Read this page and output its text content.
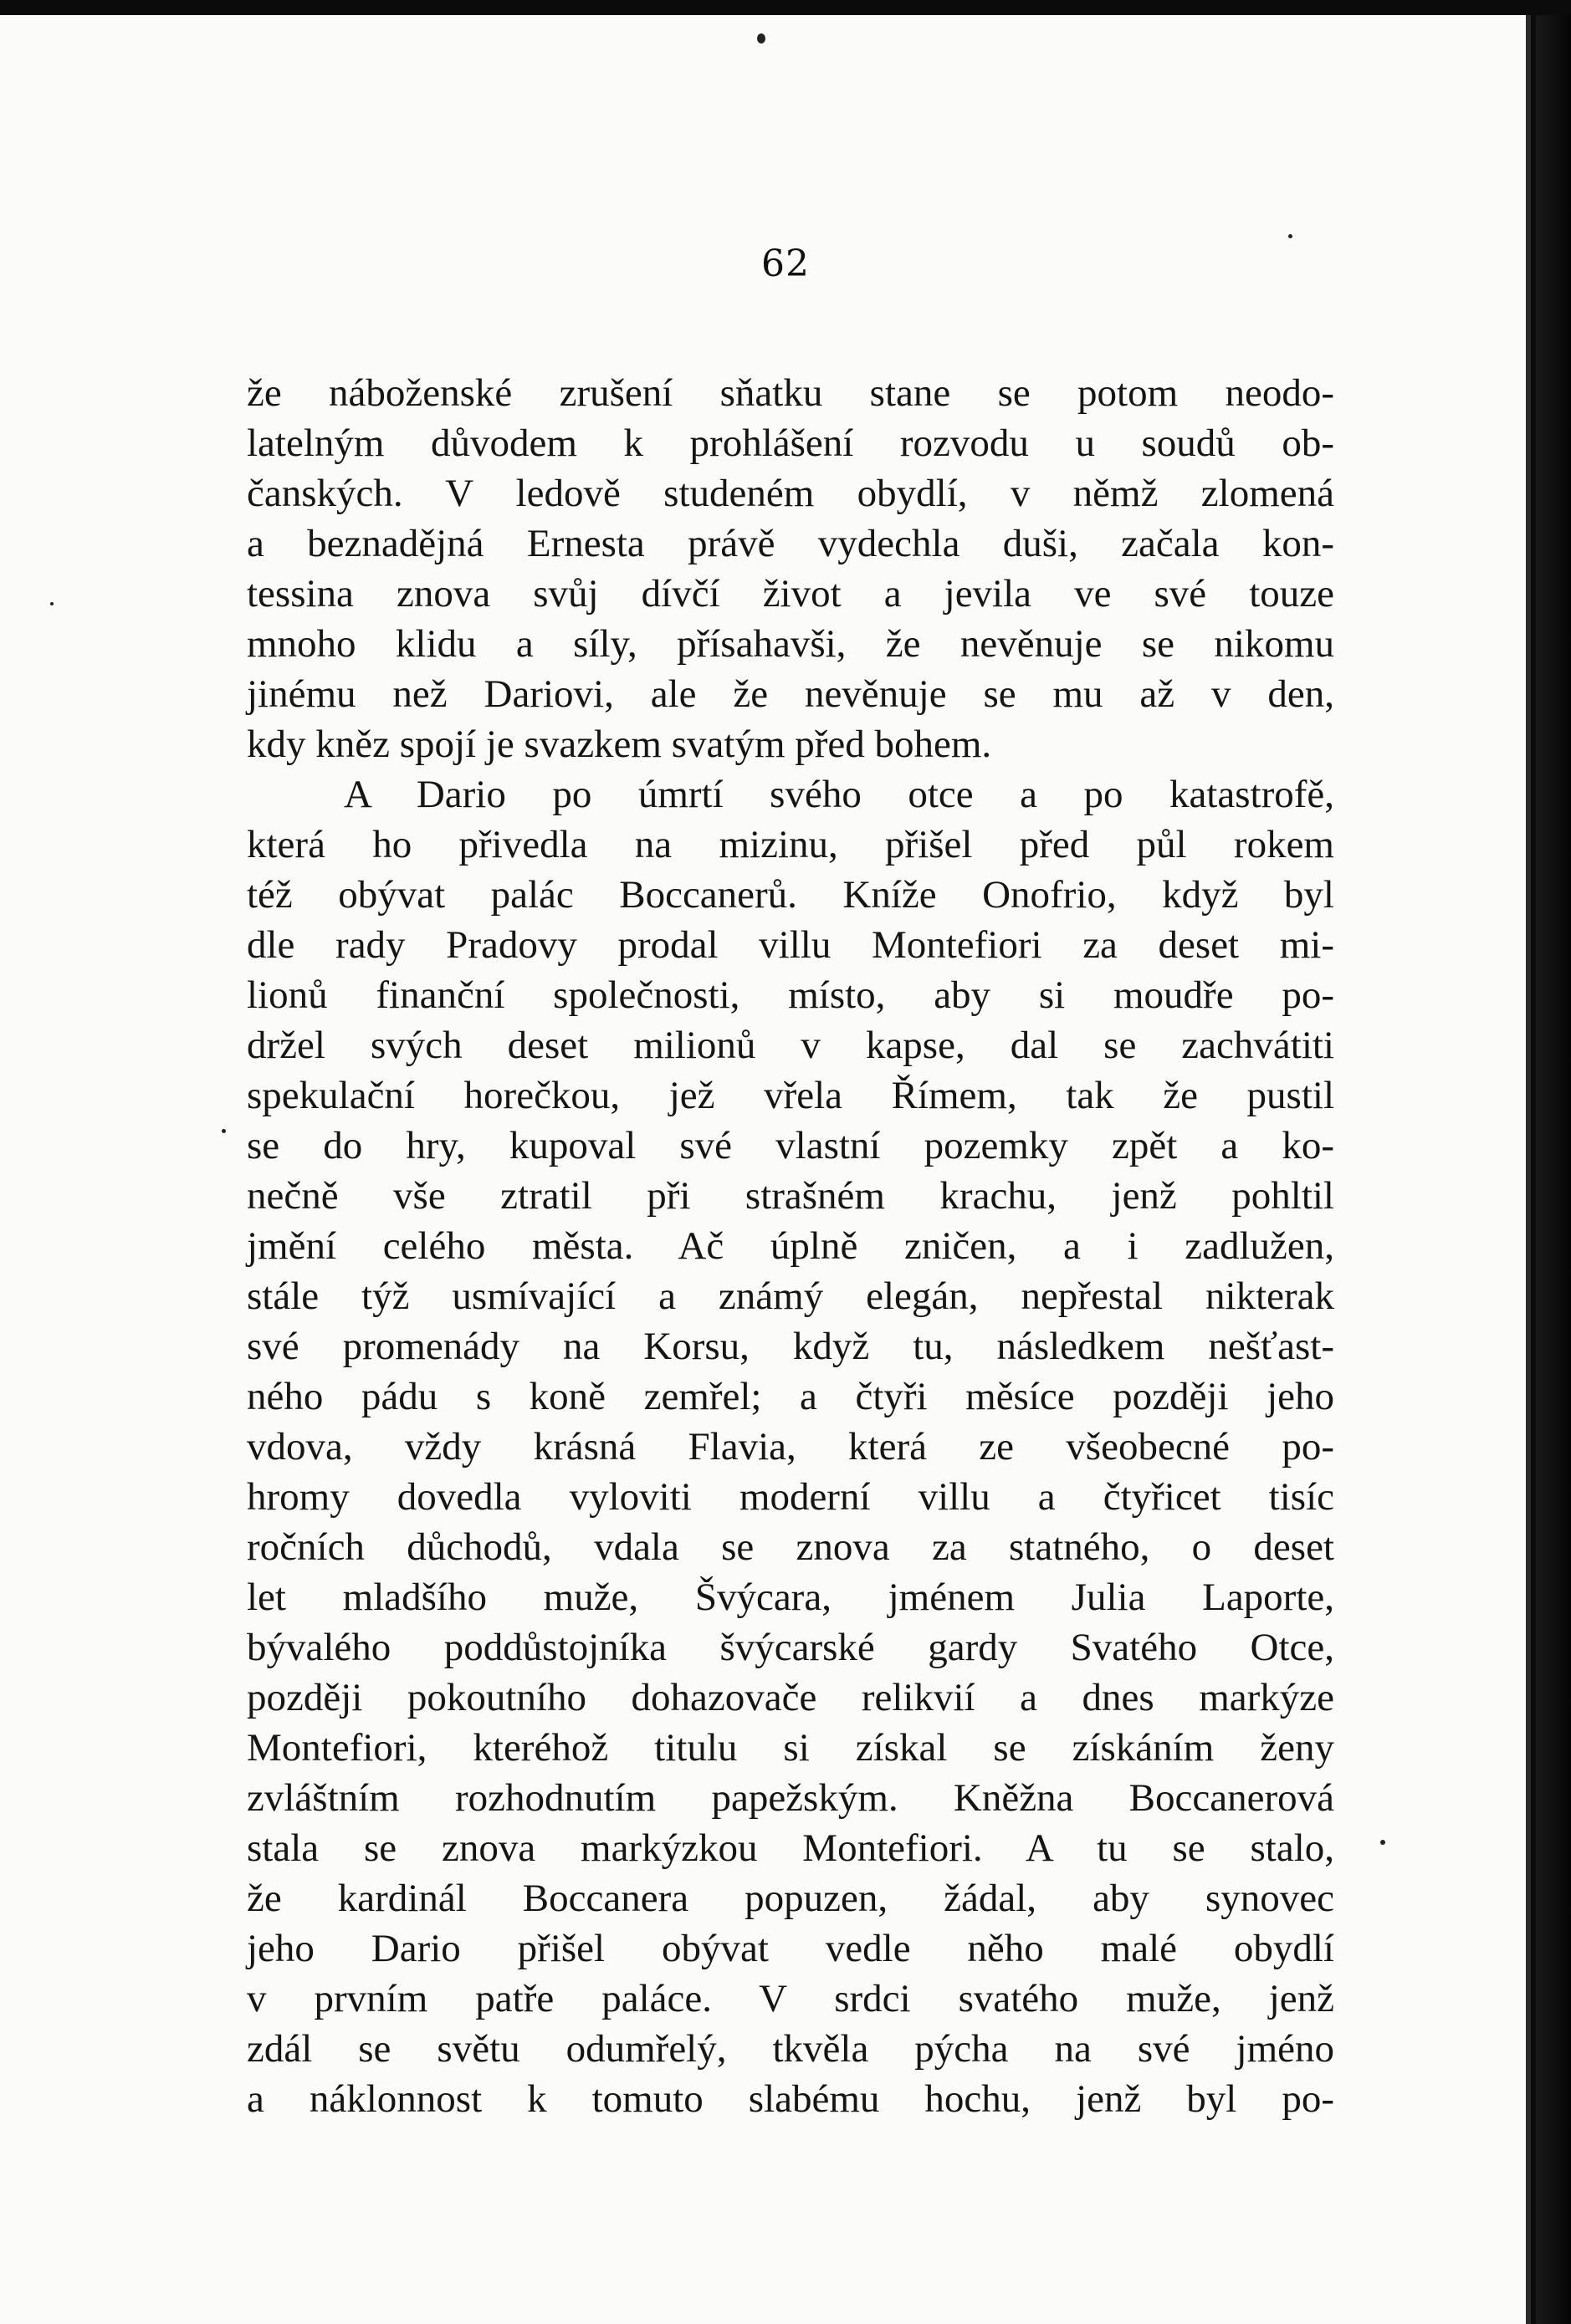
62
že náboženské zrušení sňatku stane se potom neodo-
latelným důvodem k prohlášení rozvodu u soudů ob-
čanských. V ledově studeném obydlí, v němž zlomená
a beznadějná Ernesta právě vydechla duši, začala kon-
tessina znova svůj dívčí život a jevila ve své touze
mnoho klidu a síly, přísahavši, že nevěnuje se nikomu
jinému než Dariovi, ale že nevěnuje se mu až v den,
kdy kněz spojí je svazkem svatým před bohem.
A Dario po úmrtí svého otce a po katastrofě,
která ho přivedla na mizinu, přišel před půl rokem
též obývat palác Boccanerů. Kníže Onofrio, když byl
dle rady Pradovy prodal villu Montefiori za deset mi-
lionů finanční společnosti, místo, aby si moudře po-
držel svých deset milionů v kapse, dal se zachvátiti
spekulační horečkou, jež vřela Římem, tak že pustil
se do hry, kupoval své vlastní pozemky zpět a ko-
nečně vše ztratil při strašném krachu, jenž pohltil
jmění celého města. Ač úplně zničen, a i zadlužen,
stále týž usmívající a známý elegán, nepřestal nikterak
své promenády na Korsu, když tu, následkem nešťast-
ného pádu s koně zemřel; a čtyři měsíce později jeho
vdova, vždy krásná Flavia, která ze všeobecné po-
hromy dovedla vyloviti moderní villu a čtyřicet tisíc
ročních důchodů, vdala se znova za statného, o deset
let mladšího muže, Švýcara, jménem Julia Laporte,
bývalého poddůstojníka švýcarské gardy Svatého Otce,
později pokoutního dohazovače relikvií a dnes markýze
Montefiori, kteréhož titulu si získal se získáním ženy
zvláštním rozhodnutím papežským. Kněžna Boccanerová
stala se znova markýzkou Montefiori. A tu se stalo,
že kardinál Boccanera popuzen, žádal, aby synovec
jeho Dario přišel obývat vedle něho malé obydlí
v prvním patře paláce. V srdci svatého muže, jenž
zdál se světu odumřelý, tkvěla pýcha na své jméno
a náklonnost k tomuto slabému hochu, jenž byl po-
